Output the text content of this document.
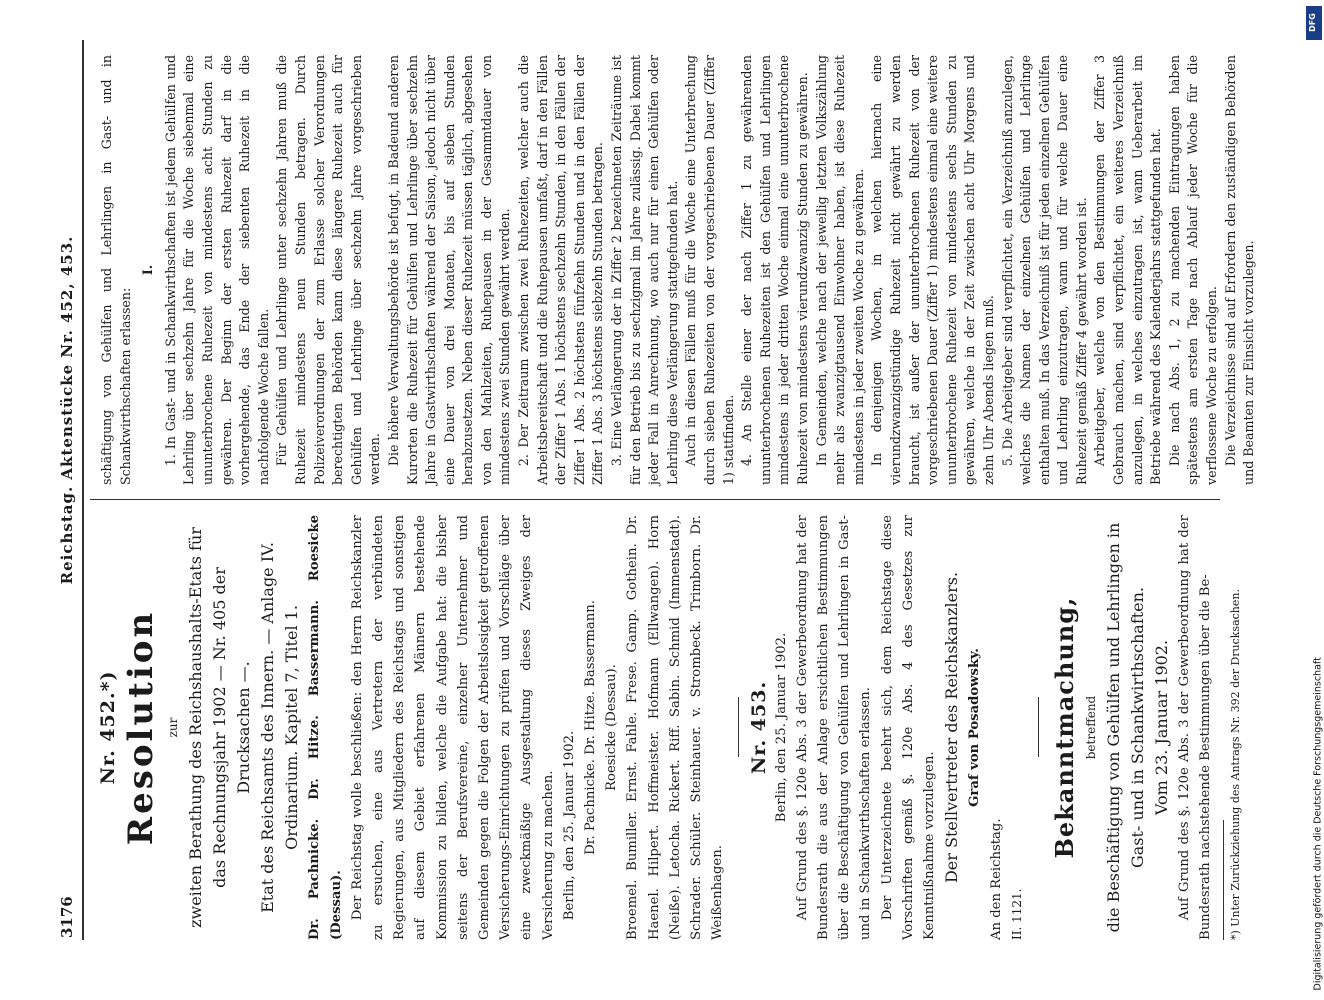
3176
Reichstag. Aktenstücke Nr. 452, 453.

Nr. 452.*) Resolution zur zweiten Berathung des Reichshaushalts-Etats für das Rechnungsjahr 1902 — Nr. 405 der Drucksachen —. Etat des Reichsamts des Innern. — Anlage IV. Ordinarium. Kapitel 7, Titel 1. Dr. Pachnicke. Dr. Hitze. Bassermann. Roesicke (Dessau). Der Reichstag wolle beschließen: den Herrn Reichskanzler zu ersuchen, eine aus Vertretern der verbündeten Regierungen, aus Mitgliedern des Reichstags und sonstigen auf diesem Gebiet erfahrenen Männern bestehende Kommission zu bilden, welche die Aufgabe hat: die bisher seitens der Berufsvereine, einzelner Unternehmer und Gemeinden gegen die Folgen der Arbeitslosigkeit getroffenen Versicherungs-Einrichtungen zu prüfen und Vorschläge über eine zweckmäßige Ausgestaltung dieses Zweiges der Versicherung zu machen. Berlin, den 25. Januar 1902. Dr. Pachnicke. Dr. Hitze. Bassermann. Roesicke (Dessau). Broemel. Bumiller. Ernst. Fahle. Frese. Gamp. Gothein. Dr. Haenel. Hilpert. Hoffmeister. Hofmann (Ellwangen). Horn (Neiße). Letocha. Rickert. Riff. Sabin. Schmid (Immenstadt). Schrader. Schüler. Steinhauer. v. Strombeck. Trimborn. Dr. Weißenhagen.

Nr. 453. Berlin, den 25. Januar 1902. Auf Grund des §. 120e Abs. 3 der Gewerbeordnung hat der Bundesrath die aus der Anlage ersichtlichen Bestimmungen über die Beschäftigung von Gehülfen und Lehrlingen in Gast- und in Schankwirthschaften erlassen. Der Unterzeichnete beehrt sich, dem Reichstage diese Vorschriften gemäß §. 120e Abs. 4 des Gesetzes zur Kenntnißnahme vorzulegen. Der Stellvertreter des Reichskanzlers. Graf von Posadowsky.

An den Reichstag. II. 1121.

Bekanntmachung, betreffend die Beschäftigung von Gehülfen und Lehrlingen in Gast- und in Schankwirthschaften. Vom 23. Januar 1902. Auf Grund des §. 120e Abs. 3 der Gewerbeordnung hat der Bundesrath nachstehende Bestimmungen über die Be- *) Unter Zurückziehung des Antrags Nr. 392 der Drucksachen.

schäftigung von Gehülfen und Lehrlingen in Gast- und in Schankwirthschaften erlassen:

I. 1. In Gast- und in Schankwirthschaften ist jedem Gehülfen und Lehrling über sechzehn Jahre für die Woche siebenmal eine ununterbrochene Ruhezeit von mindestens acht Stunden zu gewähren. Der Beginn der ersten Ruhezeit darf in die vorhergehende, das Ende der siebenten Ruhezeit in die nachfolgende Woche fallen. Für Gehülfen und Lehrlinge unter sechzehn Jahren muß die Ruhezeit mindestens neun Stunden betragen. Durch Polizeiverordnungen der zum Erlasse solcher Verordnungen berechtigten Behörden kann diese längere Ruhezeit auch für Gehülfen und Lehrlinge über sechzehn Jahre vorgeschrieben werden. Die höhere Verwaltungsbehörde ist befugt, in Badeund anderen Kurorten die Ruhezeit für Gehülfen und Lehrlinge über sechzehn Jahre in Gastwirthschaften während der Saison, jedoch nicht über eine Dauer von drei Monaten, bis auf sieben Stunden herabzusetzen. Neben dieser Ruhezeit müssen täglich, abgesehen von den Mahlzeiten, Ruhepausen in der Gesammtdauer von mindestens zwei Stunden gewährt werden. 2. Der Zeitraum zwischen zwei Ruhezeiten, welcher auch die Arbeitsbereitschaft und die Ruhepausen umfaßt, darf in den Fällen der Ziffer 1 Abs. 1 höchstens sechzehn Stunden, in den Fällen der Ziffer 1 Abs. 2 höchstens fünfzehn Stunden und in den Fällen der Ziffer 1 Abs. 3 höchstens siebzehn Stunden betragen. 3. Eine Verlängerung der in Ziffer 2 bezeichneten Zeiträume ist für den Betrieb bis zu sechzigmal im Jahre zulässig. Dabei kommt jeder Fall in Anrechnung, wo auch nur für einen Gehülfen oder Lehrling diese Verlängerung stattgefunden hat. Auch in diesen Fällen muß für die Woche eine Unterbrechung durch sieben Ruhezeiten von der vorgeschriebenen Dauer (Ziffer 1) stattfinden. 4. An Stelle einer der nach Ziffer 1 zu gewährenden ununterbrochenen Ruhezeiten ist den Gehülfen und Lehrlingen mindestens in jeder dritten Woche einmal eine ununterbrochene Ruhezeit von mindestens vierundzwanzig Stunden zu gewähren. In Gemeinden, welche nach der jeweilig letzten Volkszählung mehr als zwanzigtausend Einwohner haben, ist diese Ruhezeit mindestens in jeder zweiten Woche zu gewähren. In denjenigen Wochen, in welchen hiernach eine vierundzwanzigstündige Ruhezeit nicht gewährt zu werden braucht, ist außer der ununterbrochenen Ruhezeit von der vorgeschriebenen Dauer (Ziffer 1) mindestens einmal eine weitere ununterbrochene Ruhezeit von mindestens sechs Stunden zu gewähren, welche in der Zeit zwischen acht Uhr Morgens und zehn Uhr Abends liegen muß. 5. Die Arbeitgeber sind verpflichtet, ein Verzeichniß anzulegen, welches die Namen der einzelnen Gehülfen und Lehrlinge enthalten muß. In das Verzeichniß ist für jeden einzelnen Gehülfen und Lehrling einzutragen, wann und für welche Dauer eine Ruhezeit gemäß Ziffer 4 gewährt worden ist. Arbeitgeber, welche von den Bestimmungen der Ziffer 3 Gebrauch machen, sind verpflichtet, ein weiteres Verzeichniß anzulegen, in welches einzutragen ist, wann Ueberarbeit im Betriebe während des Kalenderjahrs stattgefunden hat. Die nach Abs. 1, 2 zu machenden Eintragungen haben spätestens am ersten Tage nach Ablauf jeder Woche für die verflossene Woche zu erfolgen. Die Verzeichnisse sind auf Erfordern den zuständigen Behörden und Beamten zur Einsicht vorzulegen.

DFG
Digitalisierung gefördert durch die Deutsche Forschungsgemeinschaft
